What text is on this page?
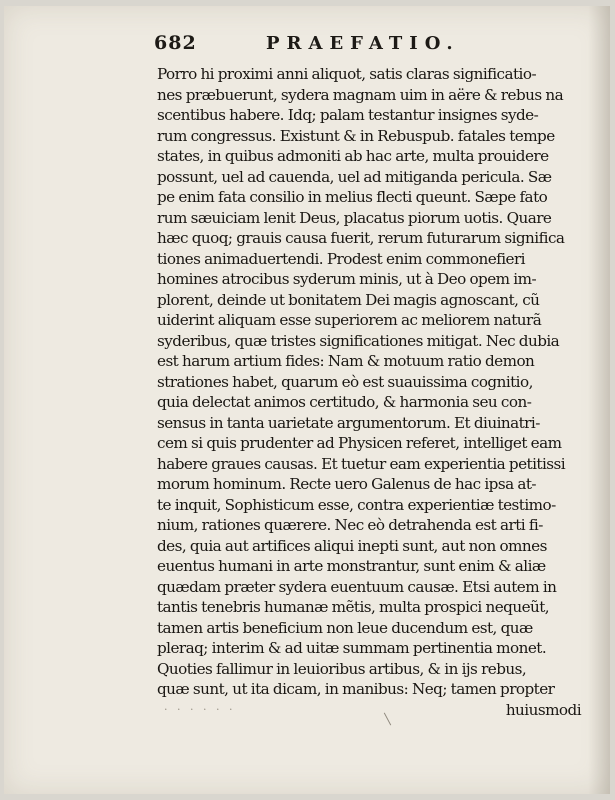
682	PRAEFATIO.
Porro hi proximi anni aliquot, satis claras significatio-
nes præbuerunt, sydera magnam uim in aëre & rebus na
scentibus habere. Idq; palam testantur insignes syde-
rum congressus. Existunt & in Rebuspub. fatales tempe
states, in quibus admoniti ab hac arte, multa prouidere
possunt, uel ad cauenda, uel ad mitiganda pericula. Sæ
pe enim fata consilio in melius flecti queunt. Sæpe fato
rum sæuiciam lenit Deus, placatus piorum uotis. Quare
hæc quoq; grauis causa fuerit, rerum futurarum significa
tiones animaduertendi. Prodest enim commonefieri
homines atrocibus syderum minis, ut à Deo opem im-
plorent, deinde ut bonitatem Dei magis agnoscant, cũ
uiderint aliquam esse superiorem ac meliorem naturã
syderibus, quæ tristes significationes mitigat. Nec dubia
est harum artium fides: Nam & motuum ratio demon
strationes habet, quarum eò est suauissima cognitio,
quia delectat animos certitudo, & harmonia seu con-
sensus in tanta uarietate argumentorum. Et diuinatri-
cem si quis prudenter ad Physicen referet, intelliget eam
habere graues causas. Et tuetur eam experientia petitissi
morum hominum. Recte uero Galenus de hac ipsa at-
te inquit, Sophisticum esse, contra experientiæ testimo-
nium, rationes quærere. Nec eò detrahenda est arti fi-
des, quia aut artifices aliqui inepti sunt, aut non omnes
euentus humani in arte monstrantur, sunt enim & aliæ
quædam præter sydera euentuum causæ. Etsi autem in
tantis tenebris humanæ mẽtis, multa prospici nequeũt,
tamen artis beneficium non leue ducendum est, quæ
pleraq; interim & ad uitæ summam pertinentia monet.
Quoties fallimur in leuioribus artibus, & in ijs rebus,
quæ sunt, ut ita dicam, in manibus: Neq; tamen propter
huiusmodi
. . . . . .
